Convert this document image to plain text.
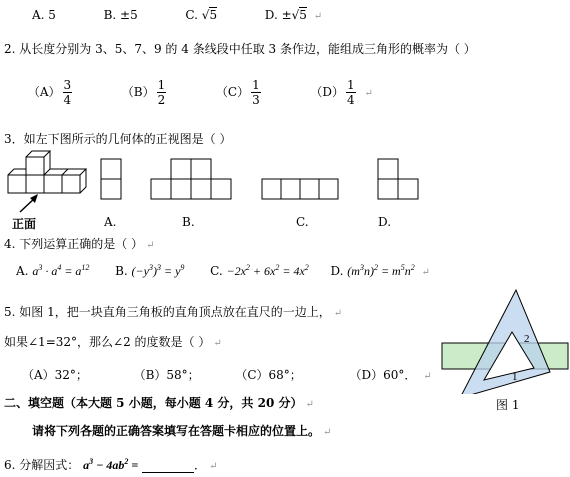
A. 5	B. ±5	C. √5	D. ±√5 ↵
2. 从长度分别为 3、5、7、9 的 4 条线段中任取 3 条作边，能组成三角形的概率为（ ）
$(A) \frac{3}{4}$	$(B) \frac{1}{2}$	$(C) \frac{1}{3}$	$(D) \frac{1}{4}$ ↵
3．如左下图所示的几何体的正视图是（ ）
正面	A.	B.	C.	D.
4. 下列运算正确的是（ ） ↵
A. $a^3 \cdot a^4 = a^{12}$ B. $(-y^3)^3 = y^9$ C. $-2x^2 + 6x^2 = 4x^2$ D. $(m^3n)^2 = m^5n^2$ ↵
5. 如图 1，把一块直角三角板的直角顶点放在直尺的一边上， ↵
如果∠1=32°，那么∠2 的度数是（ ） ↵
（A）32°；	（B）58°；	（C）68°；	（D）60°． ↵
2
1
图 1
二、填空题（本大题 5 小题，每小题 4 分，共 20 分） ↵
请将下列各题的正确答案填写在答题卡相应的位置上。 ↵
6. 分解因式： $a^3 - 4ab^2$ =	． ↵
